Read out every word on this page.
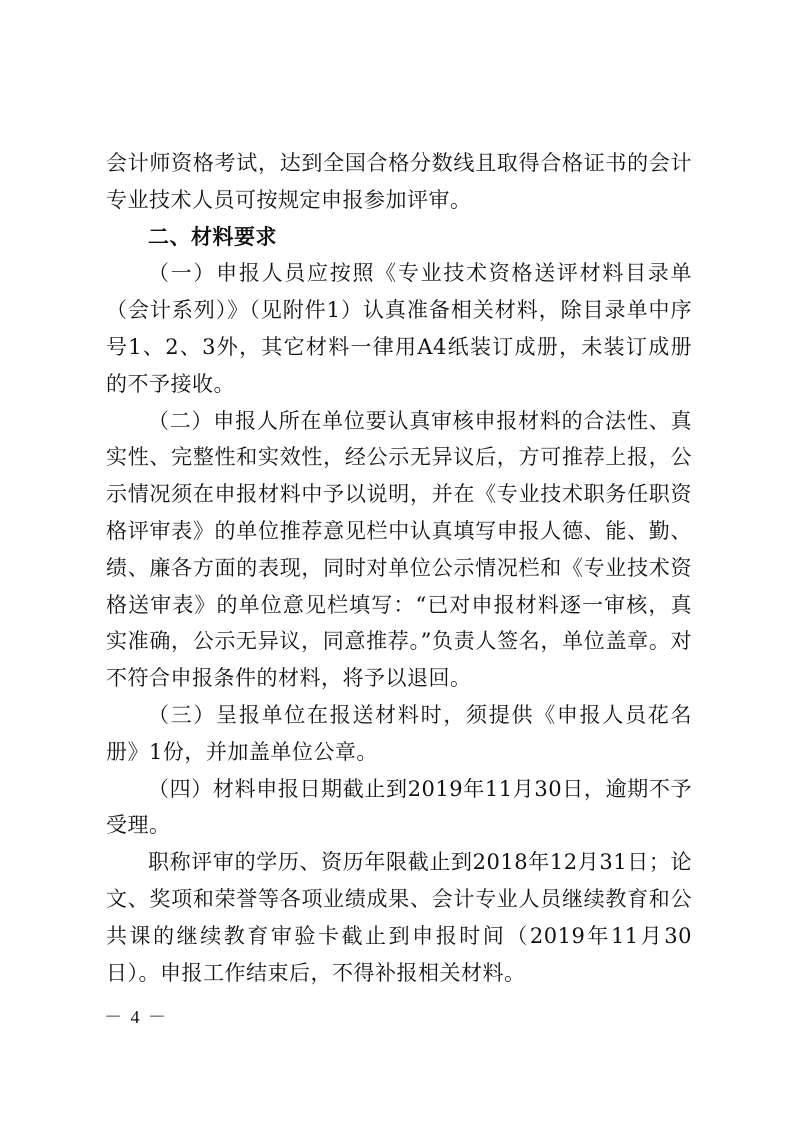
会计师资格考试，达到全国合格分数线且取得合格证书的会计专业技术人员可按规定申报参加评审。

二、材料要求

（一）申报人员应按照《专业技术资格送评材料目录单（会计系列）》（见附件1）认真准备相关材料，除目录单中序号1、2、3外，其它材料一律用A4纸装订成册，未装订成册的不予接收。

（二）申报人所在单位要认真审核申报材料的合法性、真实性、完整性和实效性，经公示无异议后，方可推荐上报，公示情况须在申报材料中予以说明，并在《专业技术职务任职资格评审表》的单位推荐意见栏中认真填写申报人德、能、勤、绩、廉各方面的表现，同时对单位公示情况栏和《专业技术资格送审表》的单位意见栏填写：“已对申报材料逐一审核，真实准确，公示无异议，同意推荐。”负责人签名，单位盖章。对不符合申报条件的材料，将予以退回。

（三）呈报单位在报送材料时，须提供《申报人员花名册》1份，并加盖单位公章。

（四）材料申报日期截止到2019年11月30日，逾期不予受理。

职称评审的学历、资历年限截止到2018年12月31日；论文、奖项和荣誉等各项业绩成果、会计专业人员继续教育和公共课的继续教育审验卡截止到申报时间（2019年11月30日）。申报工作结束后，不得补报相关材料。

－ 4 －
